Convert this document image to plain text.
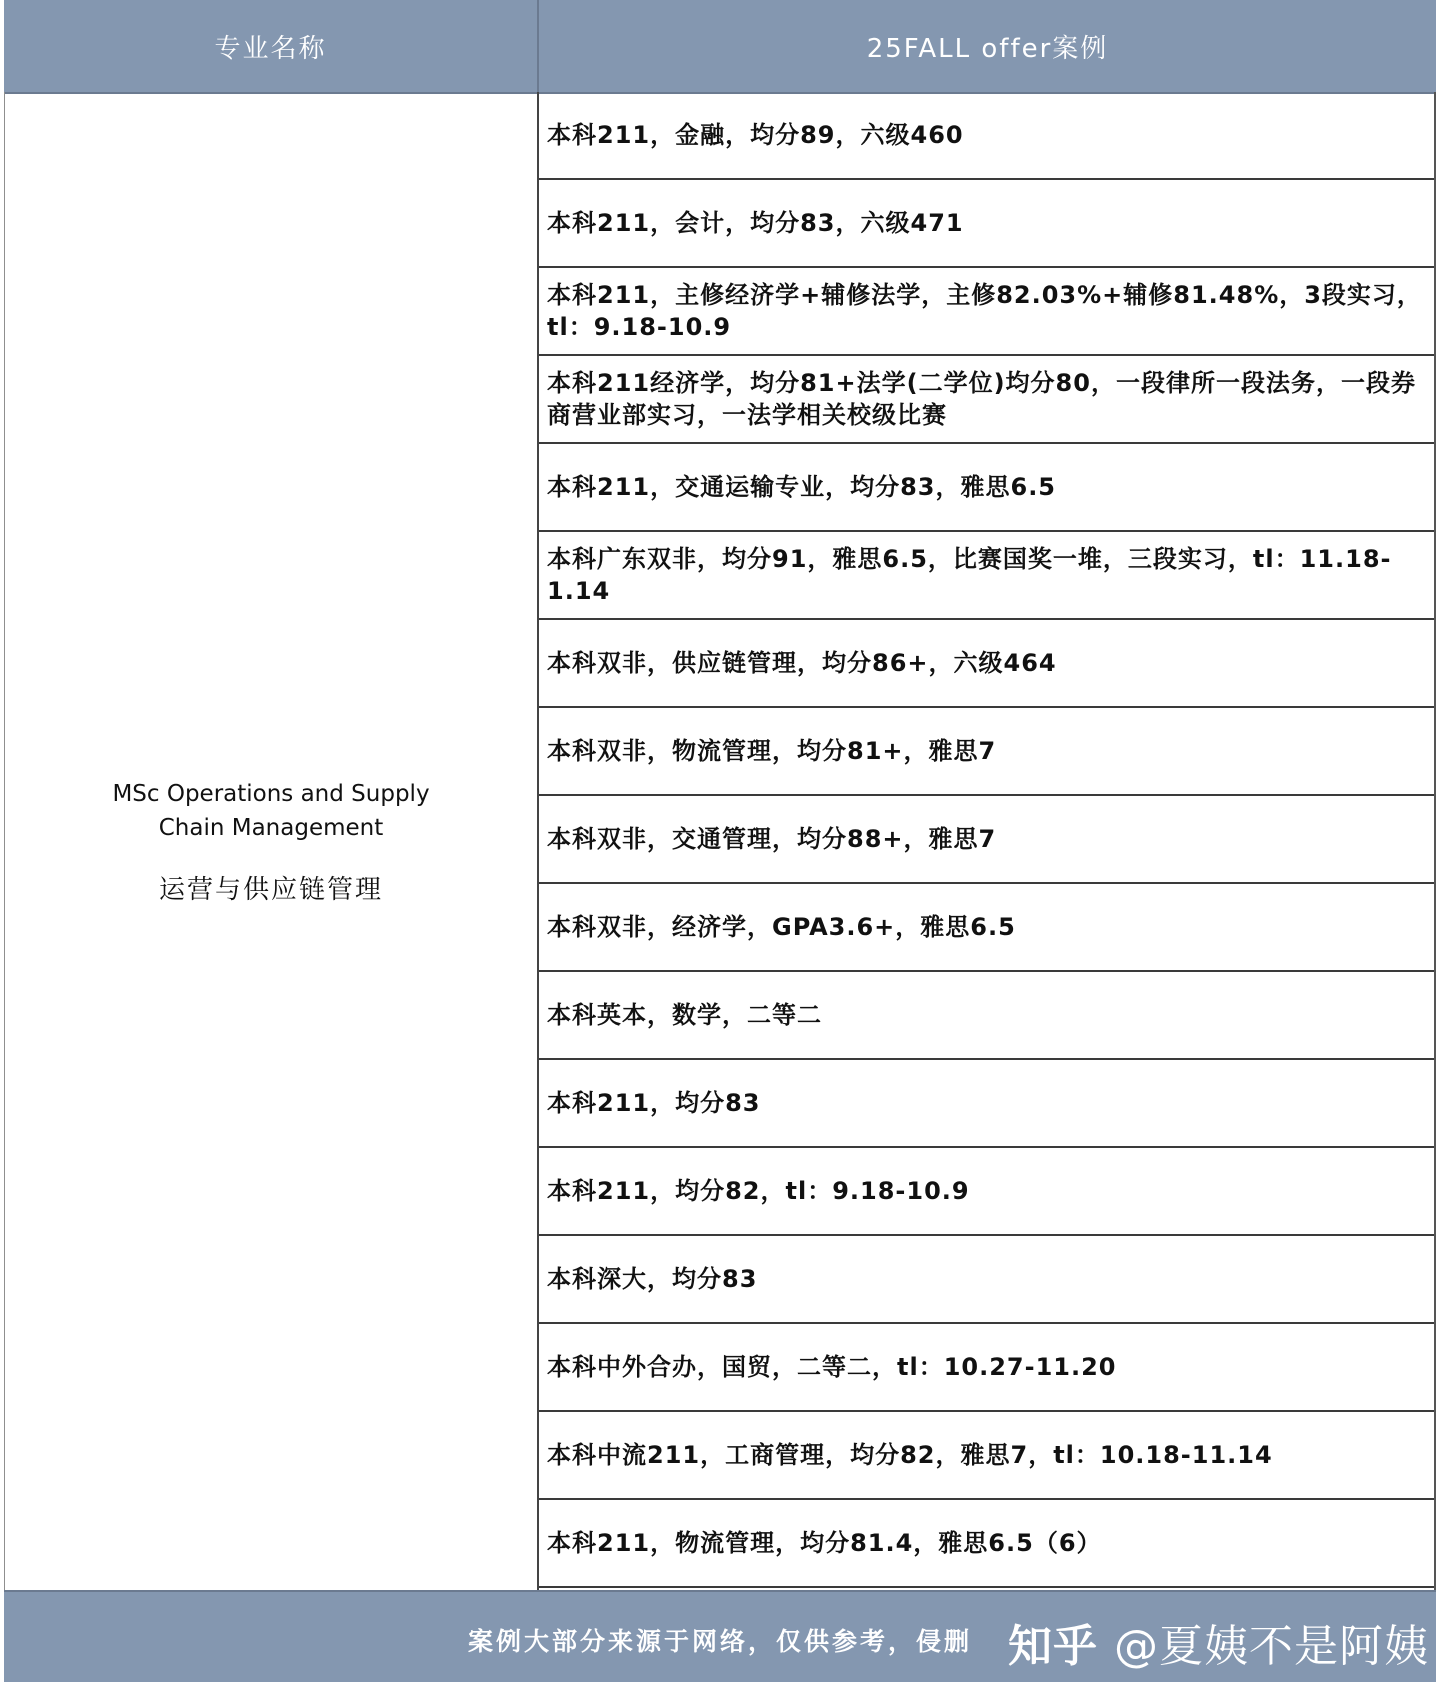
专业名称	25FALL offer案例
MSc Operations and Supply Chain Management
运营与供应链管理
本科211，金融，均分89，六级460
本科211，会计，均分83，六级471
本科211，主修经济学+辅修法学，主修82.03%+辅修81.48%，3段实习，tl：9.18-10.9
本科211经济学，均分81+法学(二学位)均分80，一段律所一段法务，一段券商营业部实习，一法学相关校级比赛
本科211，交通运输专业，均分83，雅思6.5
本科广东双非，均分91，雅思6.5，比赛国奖一堆，三段实习，tl：11.18-1.14
本科双非，供应链管理，均分86+，六级464
本科双非，物流管理，均分81+，雅思7
本科双非，交通管理，均分88+，雅思7
本科双非，经济学，GPA3.6+，雅思6.5
本科英本，数学，二等二
本科211，均分83
本科211，均分82，tl：9.18-10.9
本科深大，均分83
本科中外合办，国贸，二等二，tl：10.27-11.20
本科中流211，工商管理，均分82，雅思7，tl：10.18-11.14
本科211，物流管理，均分81.4，雅思6.5（6）
案例大部分来源于网络，仅供参考，侵删 知乎 @夏姨不是阿姨
